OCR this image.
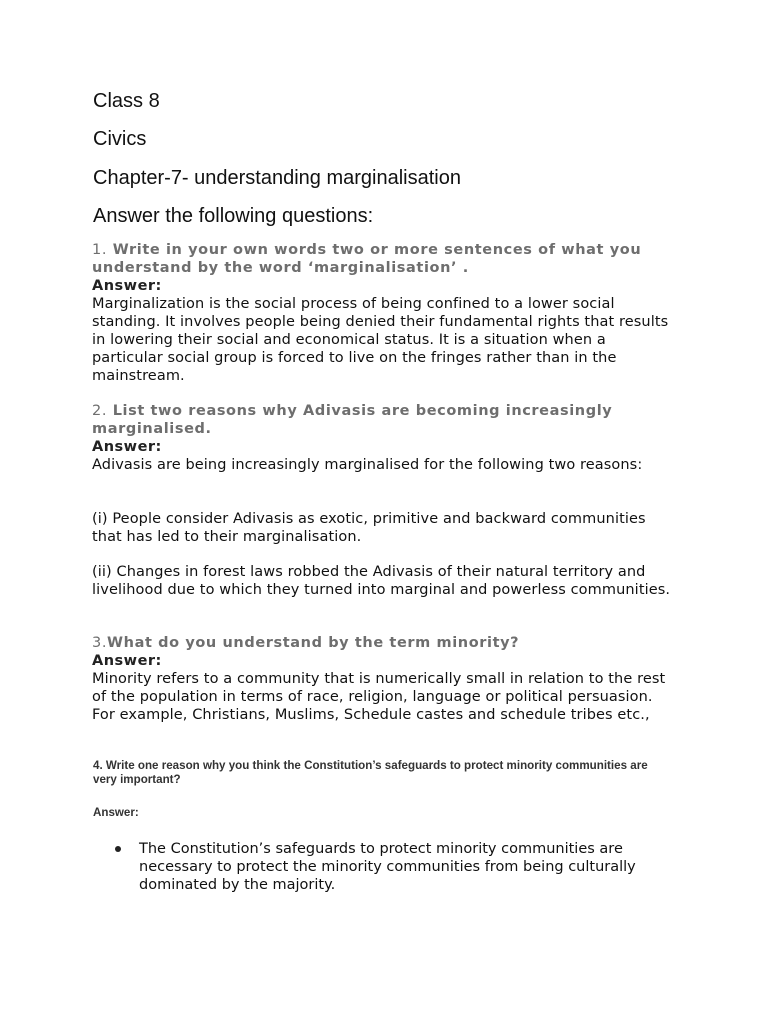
Class 8

Civics

Chapter-7- understanding marginalisation

Answer the following questions:

1. Write in your own words two or more sentences of what you understand by the word ‘marginalisation’ .

Answer:

Marginalization is the social process of being confined to a lower social standing. It involves people being denied their fundamental rights that results in lowering their social and economical status. It is a situation when a particular social group is forced to live on the fringes rather than in the mainstream.

2. List two reasons why Adivasis are becoming increasingly marginalised.

Answer:

Adivasis are being increasingly marginalised for the following two reasons:

(i) People consider Adivasis as exotic, primitive and backward communities that has led to their marginalisation.

(ii) Changes in forest laws robbed the Adivasis of their natural territory and livelihood due to which they turned into marginal and powerless communities.

3.What do you understand by the term minority?

Answer:

Minority refers to a community that is numerically small in relation to the rest of the population in terms of race, religion, language or political persuasion. For example, Christians, Muslims, Schedule castes and schedule tribes etc.,

4. Write one reason why you think the Constitution’s safeguards to protect minority communities are very important?

Answer:

The Constitution’s safeguards to protect minority communities are necessary to protect the minority communities from being culturally dominated by the majority.
